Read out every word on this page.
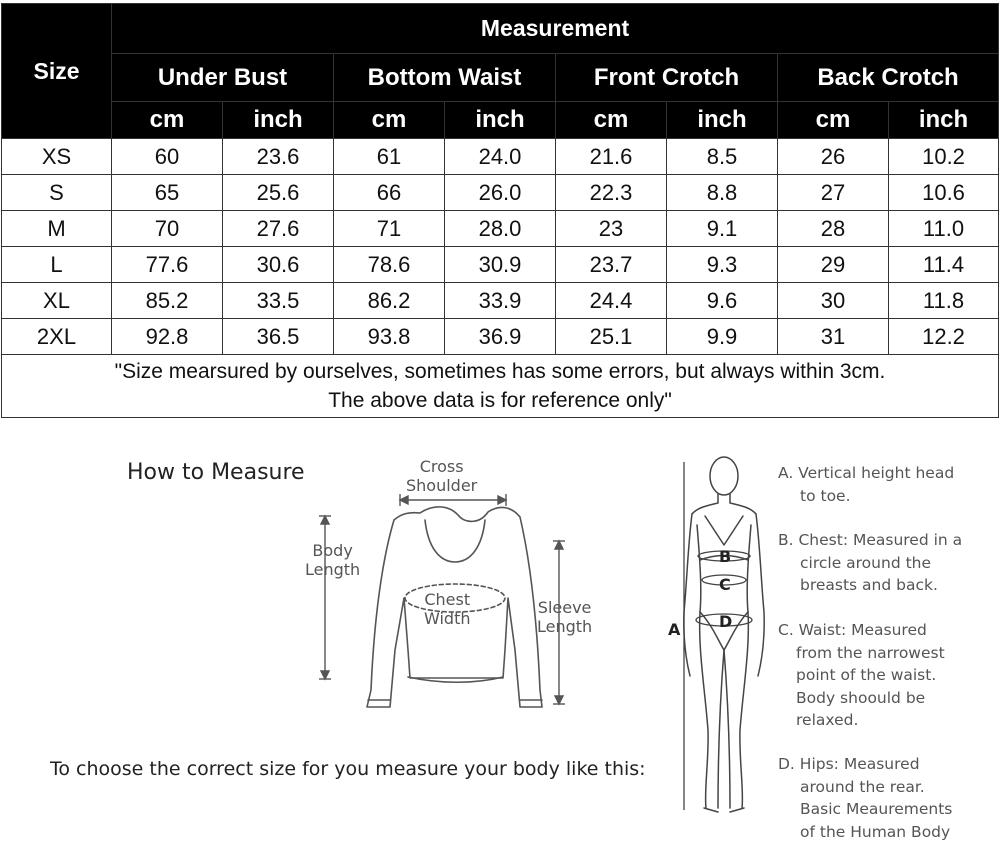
Size	Measurement							
	Under Bust		Bottom Waist		Front Crotch		Back Crotch	
	cm	inch	cm	inch	cm	inch	cm	inch
XS	60	23.6	61	24.0	21.6	8.5	26	10.2
S	65	25.6	66	26.0	22.3	8.8	27	10.6
M	70	27.6	71	28.0	23	9.1	28	11.0
L	77.6	30.6	78.6	30.9	23.7	9.3	29	11.4
XL	85.2	33.5	86.2	33.9	24.4	9.6	30	11.8
2XL	92.8	36.5	93.8	36.9	25.1	9.9	31	12.2

"Size mearsured by ourselves, sometimes has some errors, but always within 3cm.
The above data is for reference only"								
How to Measure	Cross
Shoulder
Body
Length
Chest
Width
Sleeve
Length	A
B
C
D
A. Vertical height head
to toe.
B. Chest: Measured in a
circle around the
breasts and back.
C. Waist: Measured
from the narrowest
point of the waist.
Body shoould be
relaxed.
D. Hips: Measured
around the rear.
Basic Meaurements
of the Human Body
To choose the correct size for you measure your body like this:
